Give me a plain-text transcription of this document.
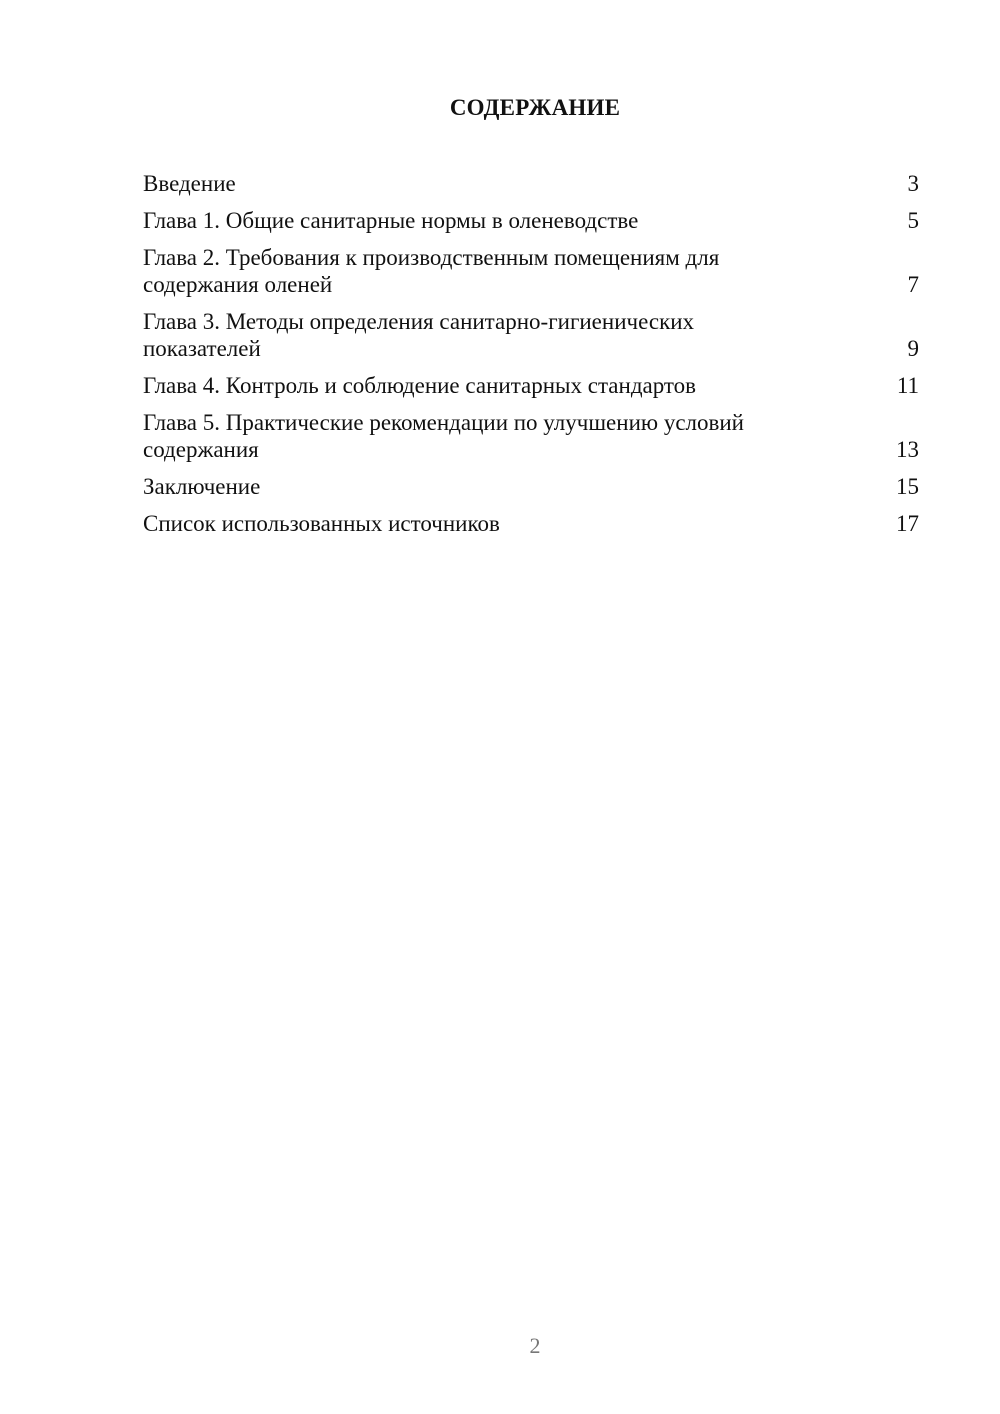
СОДЕРЖАНИЕ
Введение	3
Глава 1. Общие санитарные нормы в оленеводстве	5
Глава 2. Требования к производственным помещениям для содержания оленей	7
Глава 3. Методы определения санитарно-гигиенических показателей	9
Глава 4. Контроль и соблюдение санитарных стандартов	11
Глава 5. Практические рекомендации по улучшению условий содержания	13
Заключение	15
Список использованных источников	17
2
